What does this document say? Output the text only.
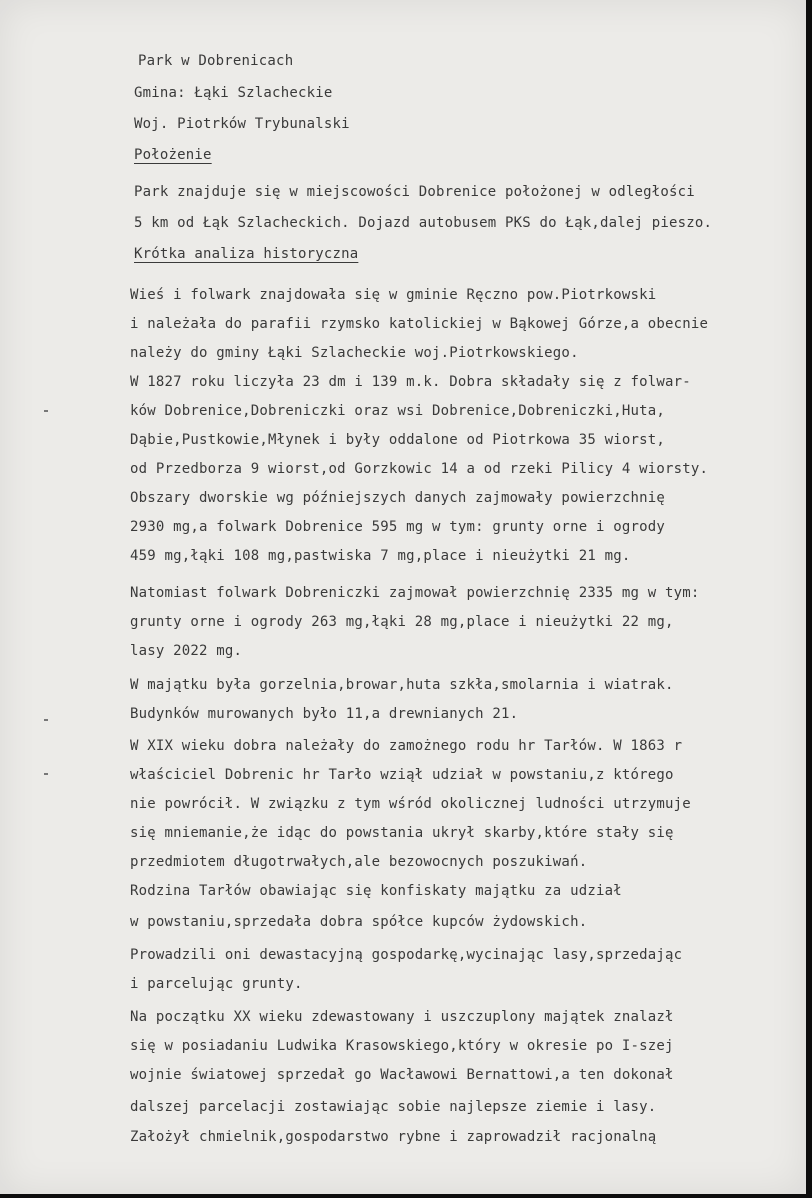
Park w Dobrenicach
Gmina: Łąki Szlacheckie
Woj. Piotrków Trybunalski
Położenie
Park znajduje się w miejscowości Dobrenice położonej w odległości
5 km od Łąk Szlacheckich. Dojazd autobusem PKS do Łąk,dalej pieszo.
Krótka analiza historyczna
Wieś i folwark znajdowała się w gminie Ręczno pow.Piotrkowski
i należała do parafii rzymsko katolickiej w Bąkowej Górze,a obecnie
należy do gminy Łąki Szlacheckie woj.Piotrkowskiego.
W 1827 roku liczyła 23 dm i 139 m.k. Dobra składały się z folwar-
ków Dobrenice,Dobreniczki oraz wsi Dobrenice,Dobreniczki,Huta,
Dąbie,Pustkowie,Młynek i były oddalone od Piotrkowa 35 wiorst,
od Przedborza 9 wiorst,od Gorzkowic 14 a od rzeki Pilicy 4 wiorsty.
Obszary dworskie wg późniejszych danych zajmowały powierzchnię
2930 mg,a folwark Dobrenice 595 mg w tym: grunty orne i ogrody
459 mg,łąki 108 mg,pastwiska 7 mg,place i nieużytki 21 mg.
Natomiast folwark Dobreniczki zajmował powierzchnię 2335 mg w tym:
grunty orne i ogrody 263 mg,łąki 28 mg,place i nieużytki 22 mg,
lasy 2022 mg.
W majątku była gorzelnia,browar,huta szkła,smolarnia i wiatrak.
Budynków murowanych było 11,a drewnianych 21.
W XIX wieku dobra należały do zamożnego rodu hr Tarłów. W 1863 r
właściciel Dobrenic hr Tarło wziął udział w powstaniu,z którego
nie powrócił. W związku z tym wśród okolicznej ludności utrzymuje
się mniemanie,że idąc do powstania ukrył skarby,które stały się
przedmiotem długotrwałych,ale bezowocnych poszukiwań.
Rodzina Tarłów obawiając się konfiskaty majątku za udział
w powstaniu,sprzedała dobra spółce kupców żydowskich.
Prowadzili oni dewastacyjną gospodarkę,wycinając lasy,sprzedając
i parcelując grunty.
Na początku XX wieku zdewastowany i uszczuplony majątek znalazł
się w posiadaniu Ludwika Krasowskiego,który w okresie po I-szej
wojnie światowej sprzedał go Wacławowi Bernattowi,a ten dokonał
dalszej parcelacji zostawiając sobie najlepsze ziemie i lasy.
Założył chmielnik,gospodarstwo rybne i zaprowadził racjonalną
